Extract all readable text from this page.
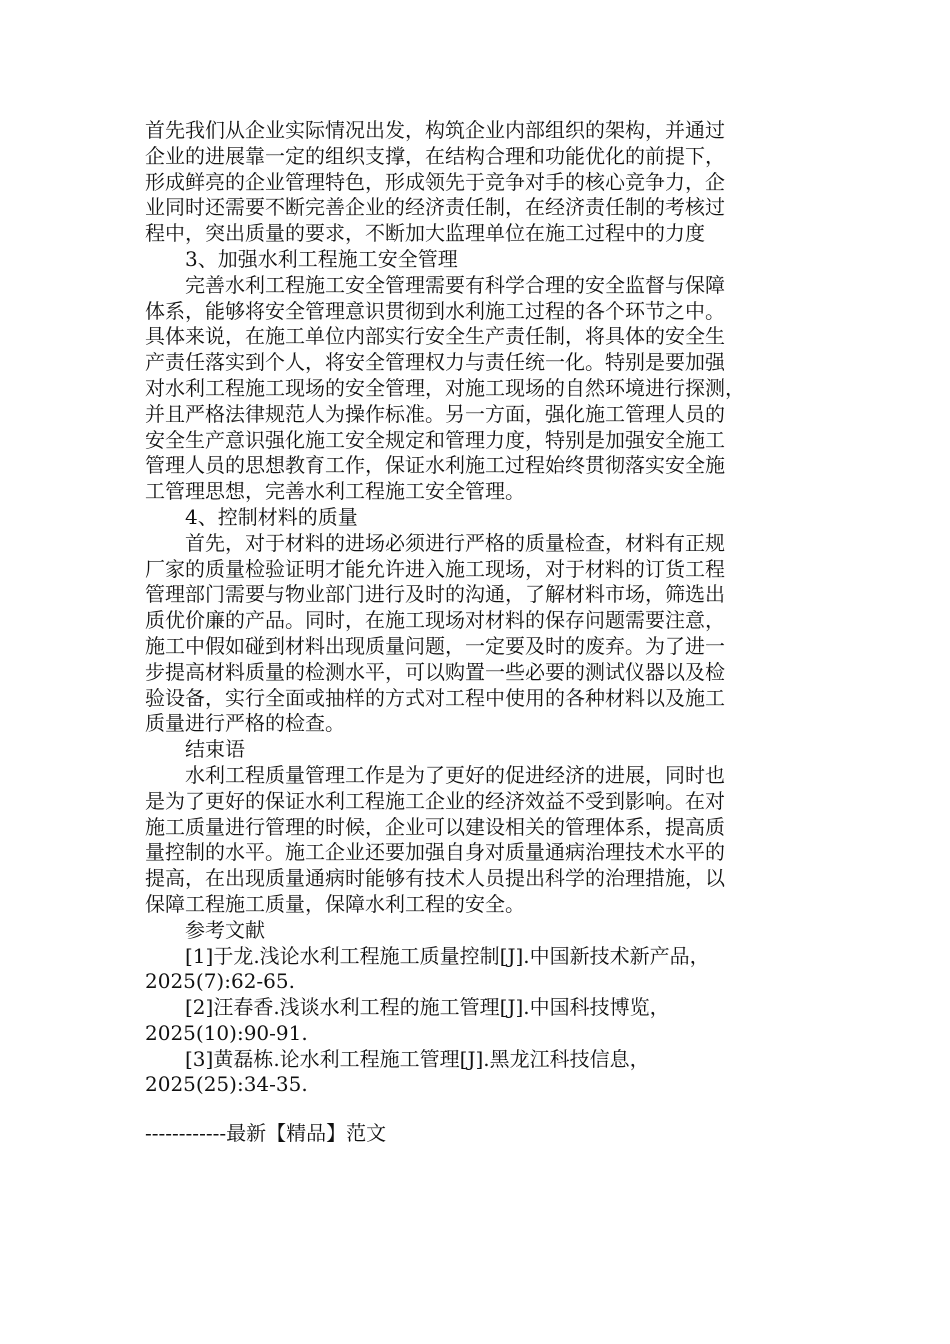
首先我们从企业实际情况出发，构筑企业内部组织的架构，并通过
企业的进展靠一定的组织支撑，在结构合理和功能优化的前提下，
形成鲜亮的企业管理特色，形成领先于竞争对手的核心竞争力，企
业同时还需要不断完善企业的经济责任制，在经济责任制的考核过
程中，突出质量的要求，不断加大监理单位在施工过程中的力度
3、加强水利工程施工安全管理
完善水利工程施工安全管理需要有科学合理的安全监督与保障
体系，能够将安全管理意识贯彻到水利施工过程的各个环节之中。
具体来说，在施工单位内部实行安全生产责任制，将具体的安全生
产责任落实到个人，将安全管理权力与责任统一化。特别是要加强
对水利工程施工现场的安全管理，对施工现场的自然环境进行探测，
并且严格法律规范人为操作标准。另一方面，强化施工管理人员的
安全生产意识强化施工安全规定和管理力度，特别是加强安全施工
管理人员的思想教育工作，保证水利施工过程始终贯彻落实安全施
工管理思想，完善水利工程施工安全管理。
4、控制材料的质量
首先，对于材料的进场必须进行严格的质量检查，材料有正规
厂家的质量检验证明才能允许进入施工现场，对于材料的订货工程
管理部门需要与物业部门进行及时的沟通，了解材料市场，筛选出
质优价廉的产品。同时，在施工现场对材料的保存问题需要注意，
施工中假如碰到材料出现质量问题，一定要及时的废弃。为了进一
步提高材料质量的检测水平，可以购置一些必要的测试仪器以及检
验设备，实行全面或抽样的方式对工程中使用的各种材料以及施工
质量进行严格的检查。
结束语
水利工程质量管理工作是为了更好的促进经济的进展，同时也
是为了更好的保证水利工程施工企业的经济效益不受到影响。在对
施工质量进行管理的时候，企业可以建设相关的管理体系，提高质
量控制的水平。施工企业还要加强自身对质量通病治理技术水平的
提高，在出现质量通病时能够有技术人员提出科学的治理措施，以
保障工程施工质量，保障水利工程的安全。
参考文献
[1]于龙.浅论水利工程施工质量控制[J].中国新技术新产品，
2025(7):62-65.
[2]汪春香.浅谈水利工程的施工管理[J].中国科技博览，
2025(10):90-91.
[3]黄磊栋.论水利工程施工管理[J].黑龙江科技信息，
2025(25):34-35.
------------最新【精品】范文
